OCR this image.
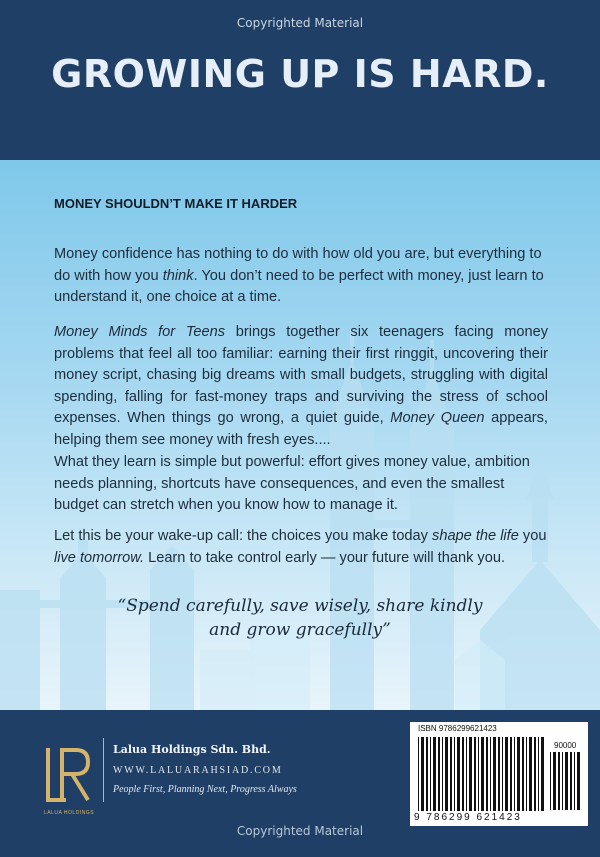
Copyrighted Material
GROWING UP IS HARD.
MONEY SHOULDN’T MAKE IT HARDER

Money confidence has nothing to do with how old you are, but everything to do with how you think. You don’t need to be perfect with money, just learn to understand it, one choice at a time.

Money Minds for Teens brings together six teenagers facing money problems that feel all too familiar: earning their first ringgit, uncovering their money script, chasing big dreams with small budgets, struggling with digital spending, falling for fast-money traps and surviving the stress of school expenses. When things go wrong, a quiet guide, Money Queen appears, helping them see money with fresh eyes....

What they learn is simple but powerful: effort gives money value, ambition needs planning, shortcuts have consequences, and even the smallest budget can stretch when you know how to manage it.

Let this be your wake-up call: the choices you make today shape the life you live tomorrow. Learn to take control early — your future will thank you.

“Spend carefully, save wisely, share kindly
and grow gracefully”
LALUA HOLDINGS
Lalua Holdings Sdn. Bhd.
WWW.LALUARAHSIAD.COM
People First, Planning Next, Progress Always
ISBN 9786299621423
90000
9 786299 621423
Copyrighted Material
